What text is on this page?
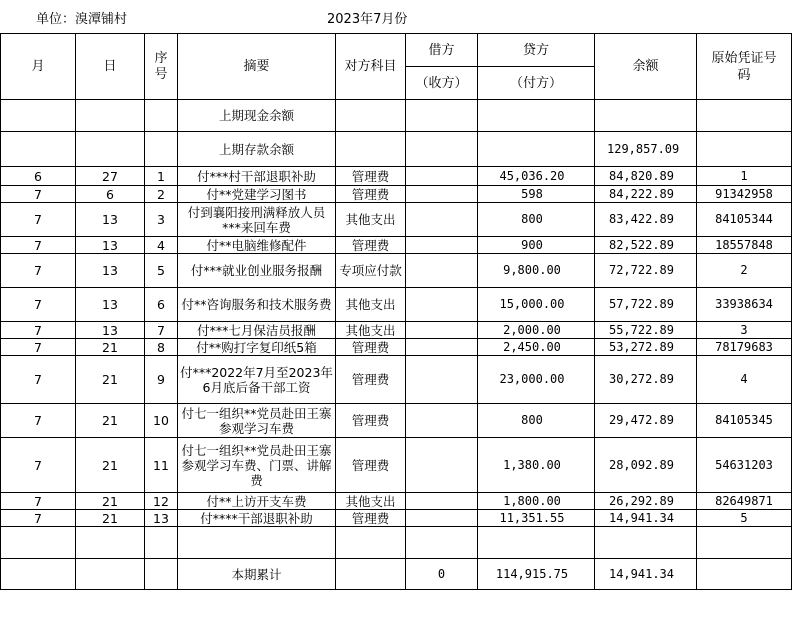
单位：溴潭铺村	2023年7月份
月	日	序号	摘要	对方科目	借方	贷方	余额	原始凭证号码
					（收方）	（付方）		
			上期现金余额					
			上期存款余额				129,857.09	
6	27	1	付***村干部退职补助	管理费		45,036.20	84,820.89	1
7	6	2	付**党建学习图书	管理费		598	84,222.89	91342958
7	13	3	付到襄阳接刑满释放人员***来回车费	其他支出		800	83,422.89	84105344
7	13	4	付**电脑维修配件	管理费		900	82,522.89	18557848
7	13	5	付***就业创业服务报酬	专项应付款		9,800.00	72,722.89	2
7	13	6	付**咨询服务和技术服务费	其他支出		15,000.00	57,722.89	33938634
7	13	7	付***七月保洁员报酬	其他支出		2,000.00	55,722.89	3
7	21	8	付**购打字复印纸5箱	管理费		2,450.00	53,272.89	78179683
7	21	9	付***2022年7月至2023年6月底后备干部工资	管理费		23,000.00	30,272.89	4
7	21	10	付七一组织**党员赴田王寨参观学习车费	管理费		800	29,472.89	84105345
7	21	11	付七一组织**党员赴田王寨参观学习车费、门票、讲解费	管理费		1,380.00	28,092.89	54631203
7	21	12	付**上访开支车费	其他支出		1,800.00	26,292.89	82649871
7	21	13	付****干部退职补助	管理费		11,351.55	14,941.34	5

			本期累计		0	114,915.75	14,941.34	
